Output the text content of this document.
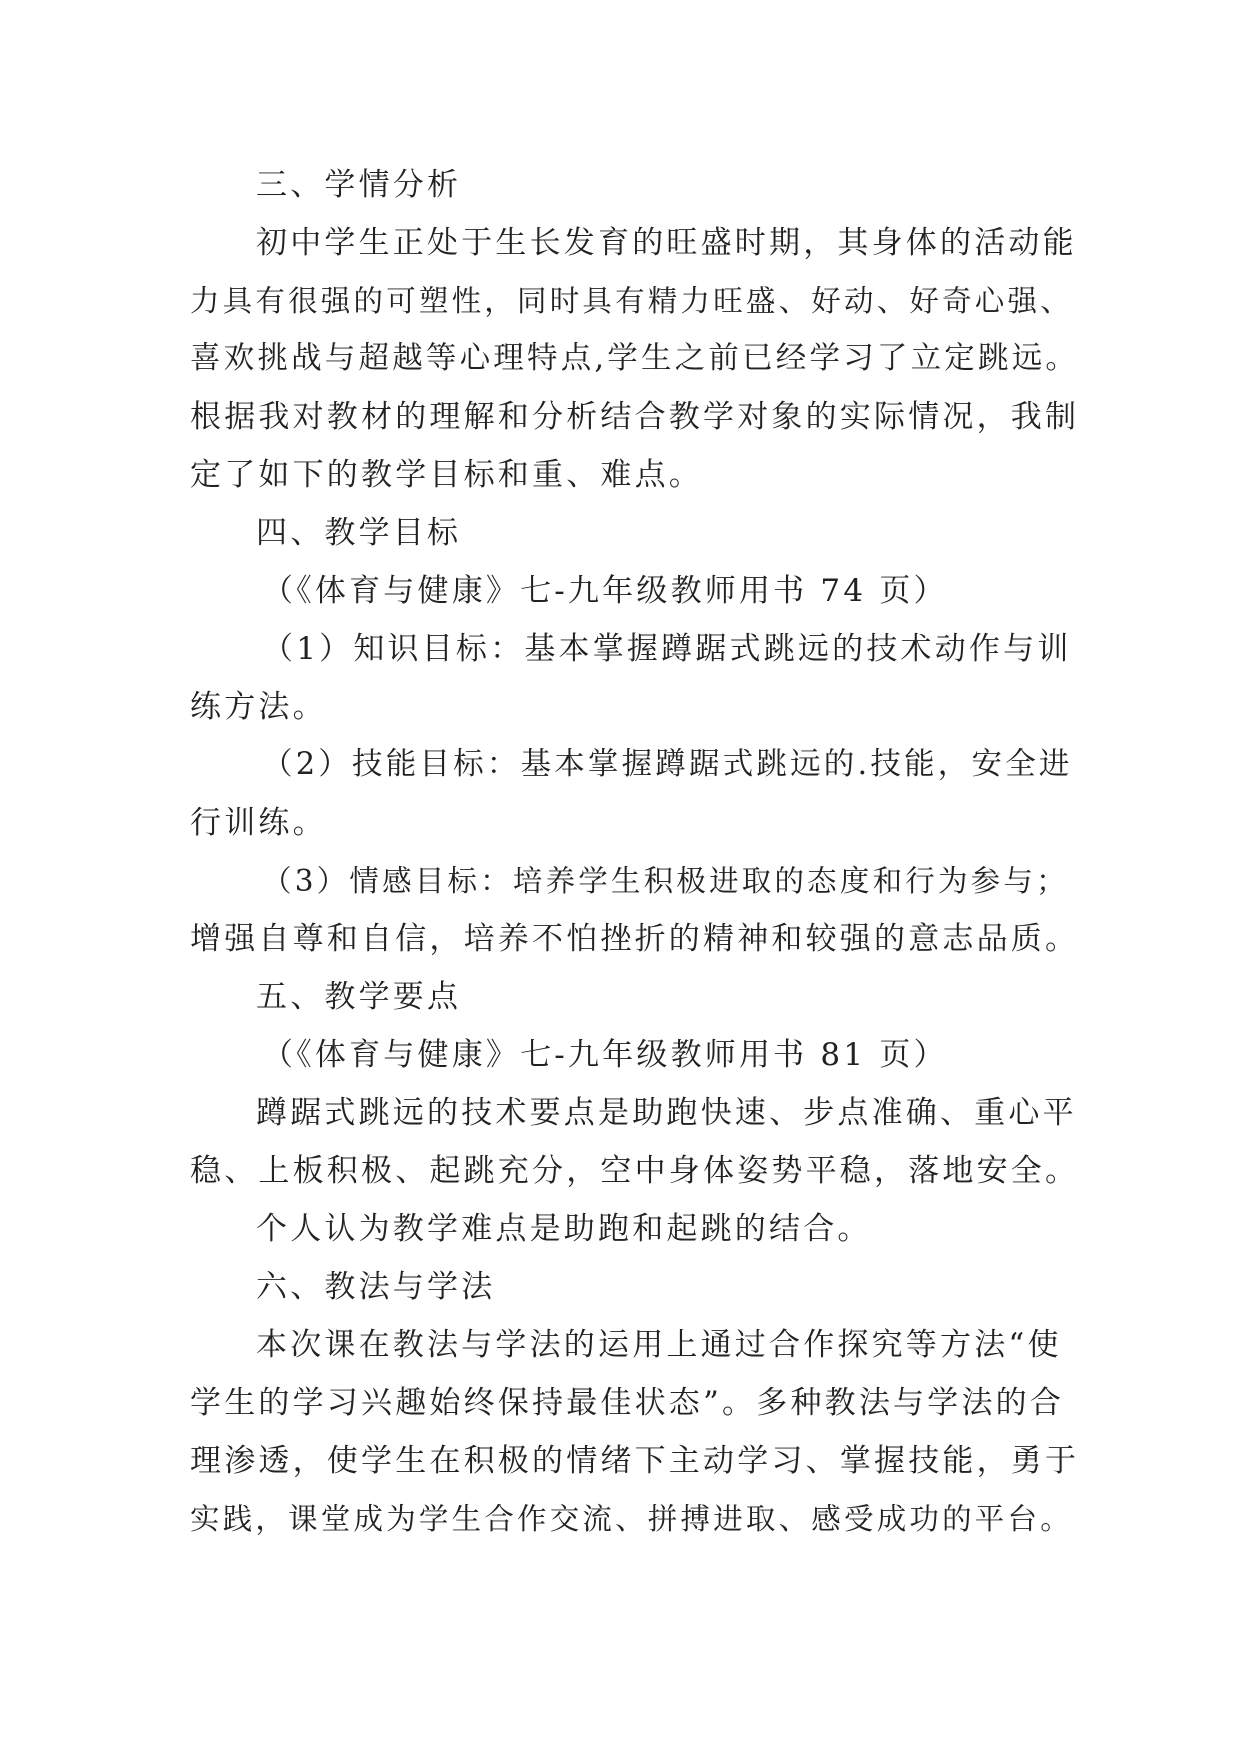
三、学情分析
初中学生正处于生长发育的旺盛时期，其身体的活动能
力具有很强的可塑性，同时具有精力旺盛、好动、好奇心强、
喜欢挑战与超越等心理特点,学生之前已经学习了立定跳远。
根据我对教材的理解和分析结合教学对象的实际情况，我制
定了如下的教学目标和重、难点。
四、教学目标
（《体育与健康》七-九年级教师用书 74 页）
（1）知识目标：基本掌握蹲踞式跳远的技术动作与训
练方法。
（2）技能目标：基本掌握蹲踞式跳远的.技能，安全进
行训练。
（3）情感目标：培养学生积极进取的态度和行为参与；
增强自尊和自信，培养不怕挫折的精神和较强的意志品质。
五、教学要点
（《体育与健康》七-九年级教师用书 81 页）
蹲踞式跳远的技术要点是助跑快速、步点准确、重心平
稳、上板积极、起跳充分，空中身体姿势平稳，落地安全。
个人认为教学难点是助跑和起跳的结合。
六、教法与学法
本次课在教法与学法的运用上通过合作探究等方法“使
学生的学习兴趣始终保持最佳状态”。多种教法与学法的合
理渗透，使学生在积极的情绪下主动学习、掌握技能，勇于
实践，课堂成为学生合作交流、拼搏进取、感受成功的平台。
